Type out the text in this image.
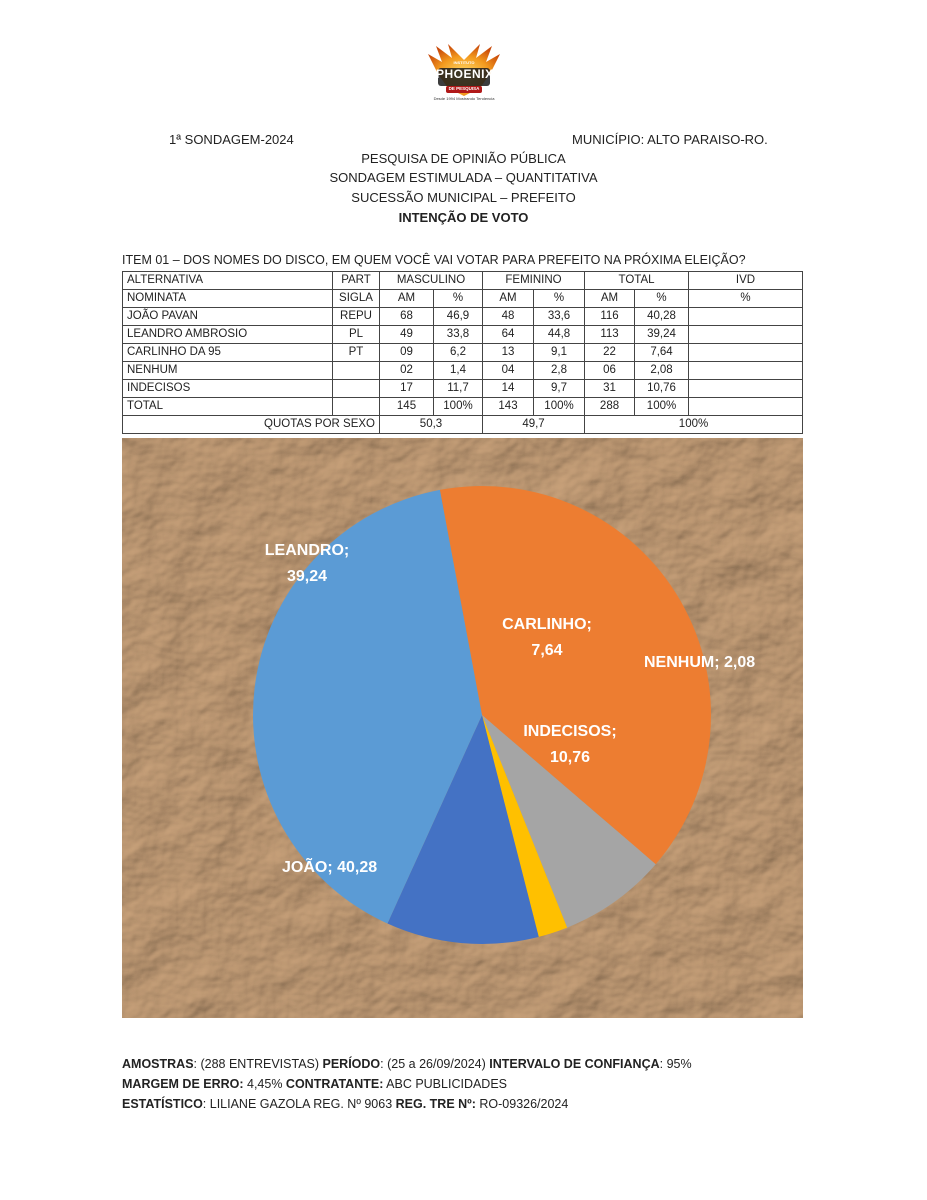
Desde 1994 Mostrando Tendencia
INSTITUTO
PHOENIX
DE PESQUISA
1ª SONDAGEM-2024	MUNICÍPIO: ALTO PARAISO-RO.
PESQUISA DE OPINIÃO PÚBLICA
SONDAGEM ESTIMULADA – QUANTITATIVA
SUCESSÃO MUNICIPAL – PREFEITO
INTENÇÃO DE VOTO
ITEM 01 – DOS NOMES DO DISCO, EM QUEM VOCÊ VAI VOTAR PARA PREFEITO NA PRÓXIMA ELEIÇÃO?
ALTERNATIVA	PART	MASCULINO		FEMININO		TOTAL		IVD
NOMINATA	SIGLA	AM	%	AM	%	AM	%	%
JOÃO PAVAN	REPU	68	46,9	48	33,6	116	40,28	
LEANDRO AMBROSIO	PL	49	33,8	64	44,8	113	39,24	
CARLINHO DA 95	PT	09	6,2	13	9,1	22	7,64	
NENHUM		02	1,4	04	2,8	06	2,08	
INDECISOS		17	11,7	14	9,7	31	10,76	
TOTAL		145	100%	143	100%	288	100%	
QUOTAS POR SEXO		50,3		49,7		100%		
LEANDRO; 39,24
CARLINHO; 7,64
NENHUM; 2,08
INDECISOS; 10,76
JOÃO; 40,28
AMOSTRAS: (288 ENTREVISTAS) PERÍODO: (25 a 26/09/2024) INTERVALO DE CONFIANÇA: 95%
MARGEM DE ERRO: 4,45% CONTRATANTE: ABC PUBLICIDADES
ESTATÍSTICO: LILIANE GAZOLA REG. Nº 9063 REG. TRE Nº: RO-09326/2024
